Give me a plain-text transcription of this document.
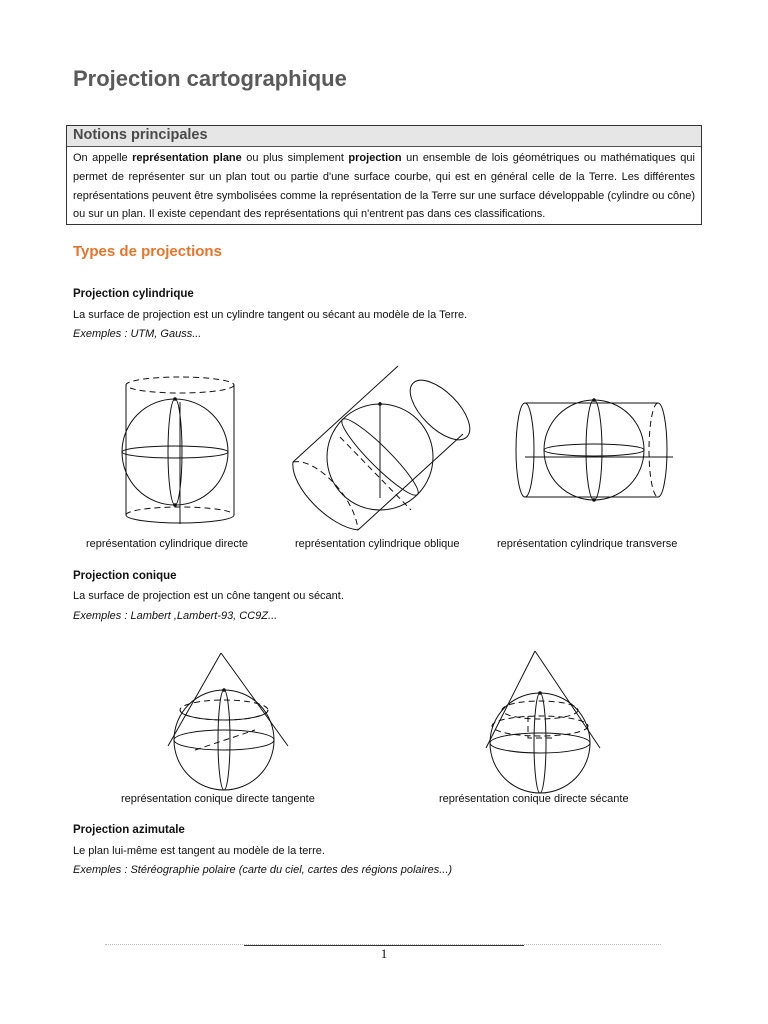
Projection cartographique
Notions principales
On appelle représentation plane ou plus simplement projection un ensemble de lois géométriques ou mathématiques qui permet de représenter sur un plan tout ou partie d'une surface courbe, qui est en général celle de la Terre. Les différentes représentations peuvent être symbolisées comme la représentation de la Terre sur une surface développable (cylindre ou cône) ou sur un plan. Il existe cependant des représentations qui n'entrent pas dans ces classifications.
Types de projections
Projection cylindrique

La surface de projection est un cylindre tangent ou sécant au modèle de la Terre.

Exemples : UTM, Gauss...

représentation cylindrique directe	représentation cylindrique oblique	représentation cylindrique transverse

Projection conique

La surface de projection est un cône tangent ou sécant.

Exemples : Lambert ,Lambert-93, CC9Z...

représentation conique directe tangente	représentation conique directe sécante

Projection azimutale

Le plan lui-même est tangent au modèle de la terre.

Exemples : Stéréographie polaire (carte du ciel, cartes des régions polaires...)

1
